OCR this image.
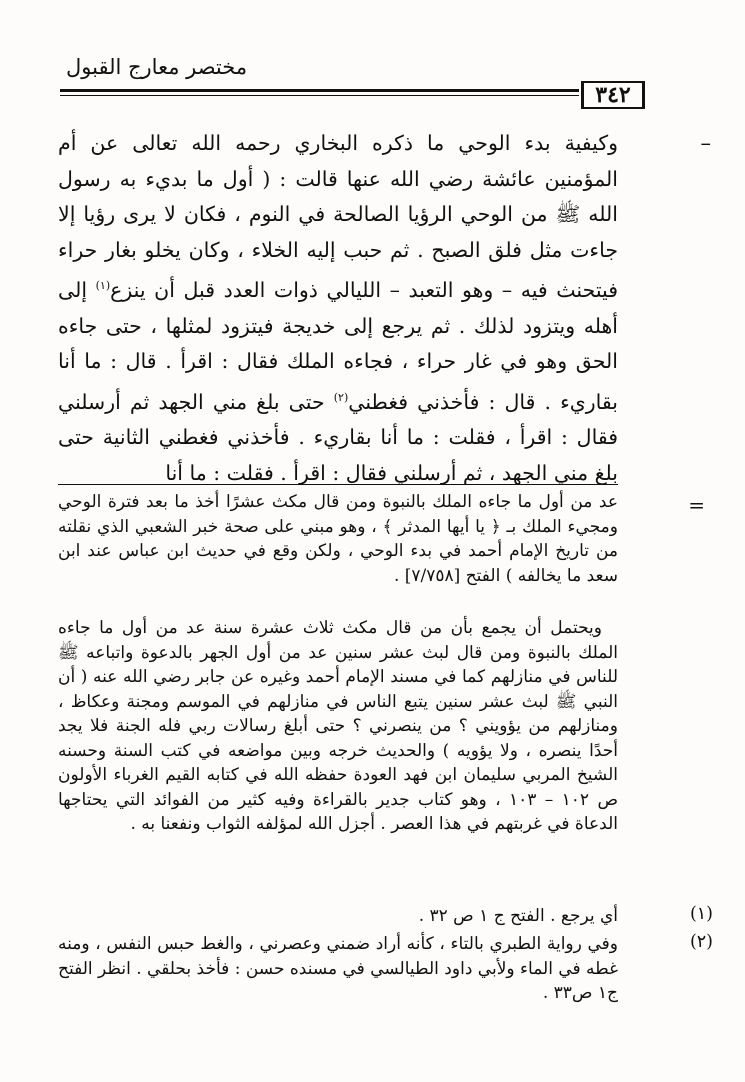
مختصر معارج القبول
٣٤٢
–
وكيفية بدء الوحي ما ذكره البخاري رحمه الله تعالى عن أم المؤمنين عائشة رضي الله عنها قالت : ( أول ما بديء به رسول الله ﷺ من الوحي الرؤيا الصالحة في النوم ، فكان لا يرى رؤيا إلا جاءت مثل فلق الصبح . ثم حبب إليه الخلاء ، وكان يخلو بغار حراء فيتحنث فيه – وهو التعبد – الليالي ذوات العدد قبل أن ينزع$^{(١)}$ إلى أهله ويتزود لذلك . ثم يرجع إلى خديجة فيتزود لمثلها ، حتى جاءه الحق وهو في غار حراء ، فجاءه الملك فقال : اقرأ . قال : ما أنا بقاريء . قال : فأخذني فغطني$^{(٢)}$ حتى بلغ مني الجهد ثم أرسلني فقال : اقرأ ، فقلت : ما أنا بقاريء . فأخذني فغطني الثانية حتى بلغ مني الجهد ، ثم أرسلني فقال : اقرأ . فقلت : ما أنا
=
عد من أول ما جاءه الملك بالنبوة ومن قال مكث عشرًا أخذ ما بعد فترة الوحي ومجيء الملك بـ ﴿ يا أيها المدثر ﴾ ، وهو مبني على صحة خبر الشعبي الذي نقلته من تاريخ الإمام أحمد في بدء الوحي ، ولكن وقع في حديث ابن عباس عند ابن سعد ما يخالفه ) الفتح [٧/٧٥٨] .
ويحتمل أن يجمع بأن من قال مكث ثلاث عشرة سنة عد من أول ما جاءه الملك بالنبوة ومن قال لبث عشر سنين عد من أول الجهر بالدعوة واتباعه ﷺ للناس في منازلهم كما في مسند الإمام أحمد وغيره عن جابر رضي الله عنه ( أن النبي ﷺ لبث عشر سنين يتبع الناس في منازلهم في الموسم ومجنة وعكاظ ، ومنازلهم من يؤويني ؟ من ينصرني ؟ حتى أبلغ رسالات ربي فله الجنة فلا يجد أحدًا ينصره ، ولا يؤويه ) والحديث خرجه وبين مواضعه في كتب السنة وحسنه الشيخ المربي سليمان ابن فهد العودة حفظه الله في كتابه القيم الغرباء الأولون ص ١٠٢ – ١٠٣ ، وهو كتاب جدير بالقراءة وفيه كثير من الفوائد التي يحتاجها الدعاة في غربتهم في هذا العصر . أجزل الله لمؤلفه الثواب ونفعنا به .
(١)
أي يرجع . الفتح ج ١ ص ٣٢ .
(٢)
وفي رواية الطبري بالتاء ، كأنه أراد ضمني وعصرني ، والغط حبس النفس ، ومنه غطه في الماء ولأبي داود الطيالسي في مسنده حسن : فأخذ بحلقي . انظر الفتح ج١ ص٣٣ .
